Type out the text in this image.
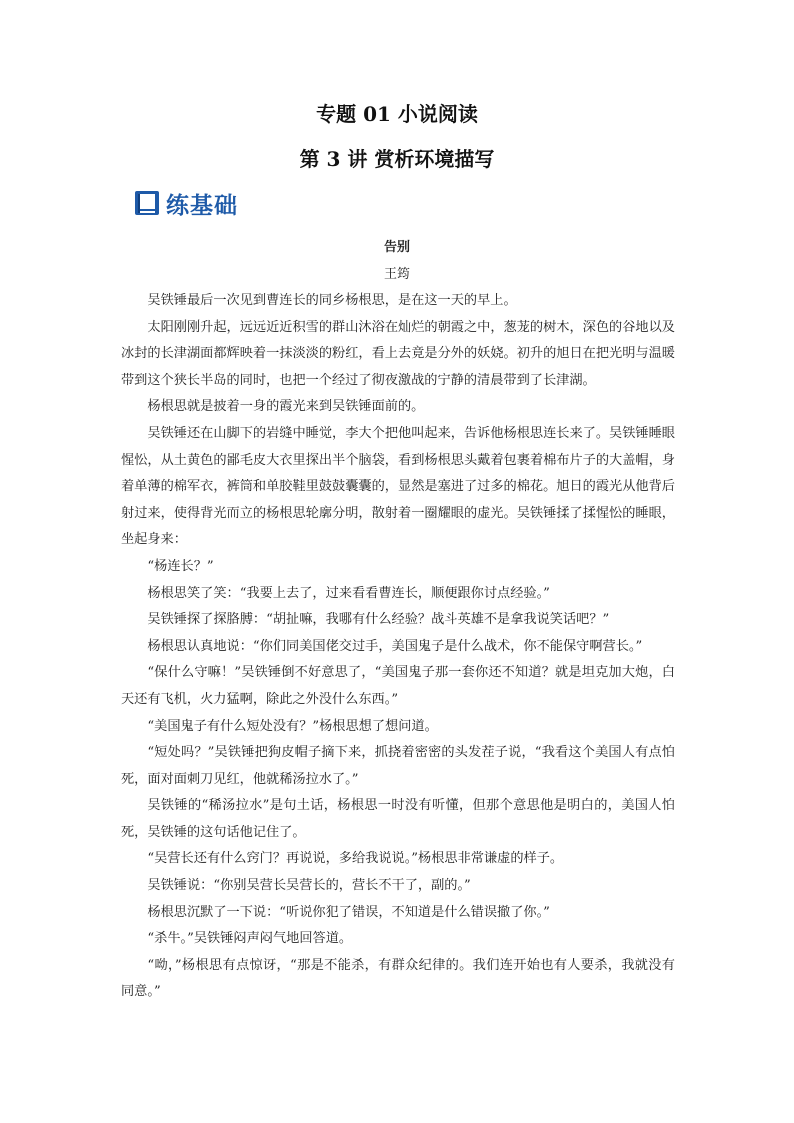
专题 01 小说阅读
第 3 讲 赏析环境描写
练基础
告别
王筠

吴铁锤最后一次见到曹连长的同乡杨根思，是在这一天的早上。

太阳刚刚升起，远远近近积雪的群山沐浴在灿烂的朝霞之中，葱茏的树木，深色的谷地以及冰封的长津湖面都辉映着一抹淡淡的粉红，看上去竟是分外的妖娆。初升的旭日在把光明与温暖带到这个狭长半岛的同时，也把一个经过了彻夜激战的宁静的清晨带到了长津湖。

杨根思就是披着一身的霞光来到吴铁锤面前的。

吴铁锤还在山脚下的岩缝中睡觉，李大个把他叫起来，告诉他杨根思连长来了。吴铁锤睡眼惺忪，从土黄色的鄙毛皮大衣里探出半个脑袋，看到杨根思头戴着包裹着棉布片子的大盖帽，身着单薄的棉军衣，裤筒和单胶鞋里鼓鼓囊囊的，显然是塞进了过多的棉花。旭日的霞光从他背后射过来，使得背光而立的杨根思轮廓分明，散射着一圈耀眼的虚光。吴铁锤揉了揉惺忪的睡眼，坐起身来：

“杨连长？”

杨根思笑了笑：“我要上去了，过来看看曹连长，顺便跟你讨点经验。”

吴铁锤探了探胳膊：“胡扯嘛，我哪有什么经验？战斗英雄不是拿我说笑话吧？”

杨根思认真地说：“你们同美国佬交过手，美国鬼子是什么战术，你不能保守啊营长。”

“保什么守嘛！”吴铁锤倒不好意思了，“美国鬼子那一套你还不知道？就是坦克加大炮，白天还有飞机，火力猛啊，除此之外没什么东西。”

“美国鬼子有什么短处没有？”杨根思想了想问道。

“短处吗？”吴铁锤把狗皮帽子摘下来，抓挠着密密的头发茬子说，“我看这个美国人有点怕死，面对面刺刀见红，他就稀汤拉水了。”

吴铁锤的“稀汤拉水”是句土话，杨根思一时没有听懂，但那个意思他是明白的，美国人怕死，吴铁锤的这句话他记住了。

“吴营长还有什么窍门？再说说，多给我说说。”杨根思非常谦虚的样子。

吴铁锤说：“你别吴营长吴营长的，营长不干了，副的。”

杨根思沉默了一下说：“听说你犯了错误，不知道是什么错误撤了你。”

“杀牛。”吴铁锤闷声闷气地回答道。

“呦，”杨根思有点惊讶，“那是不能杀，有群众纪律的。我们连开始也有人要杀，我就没有同意。”
